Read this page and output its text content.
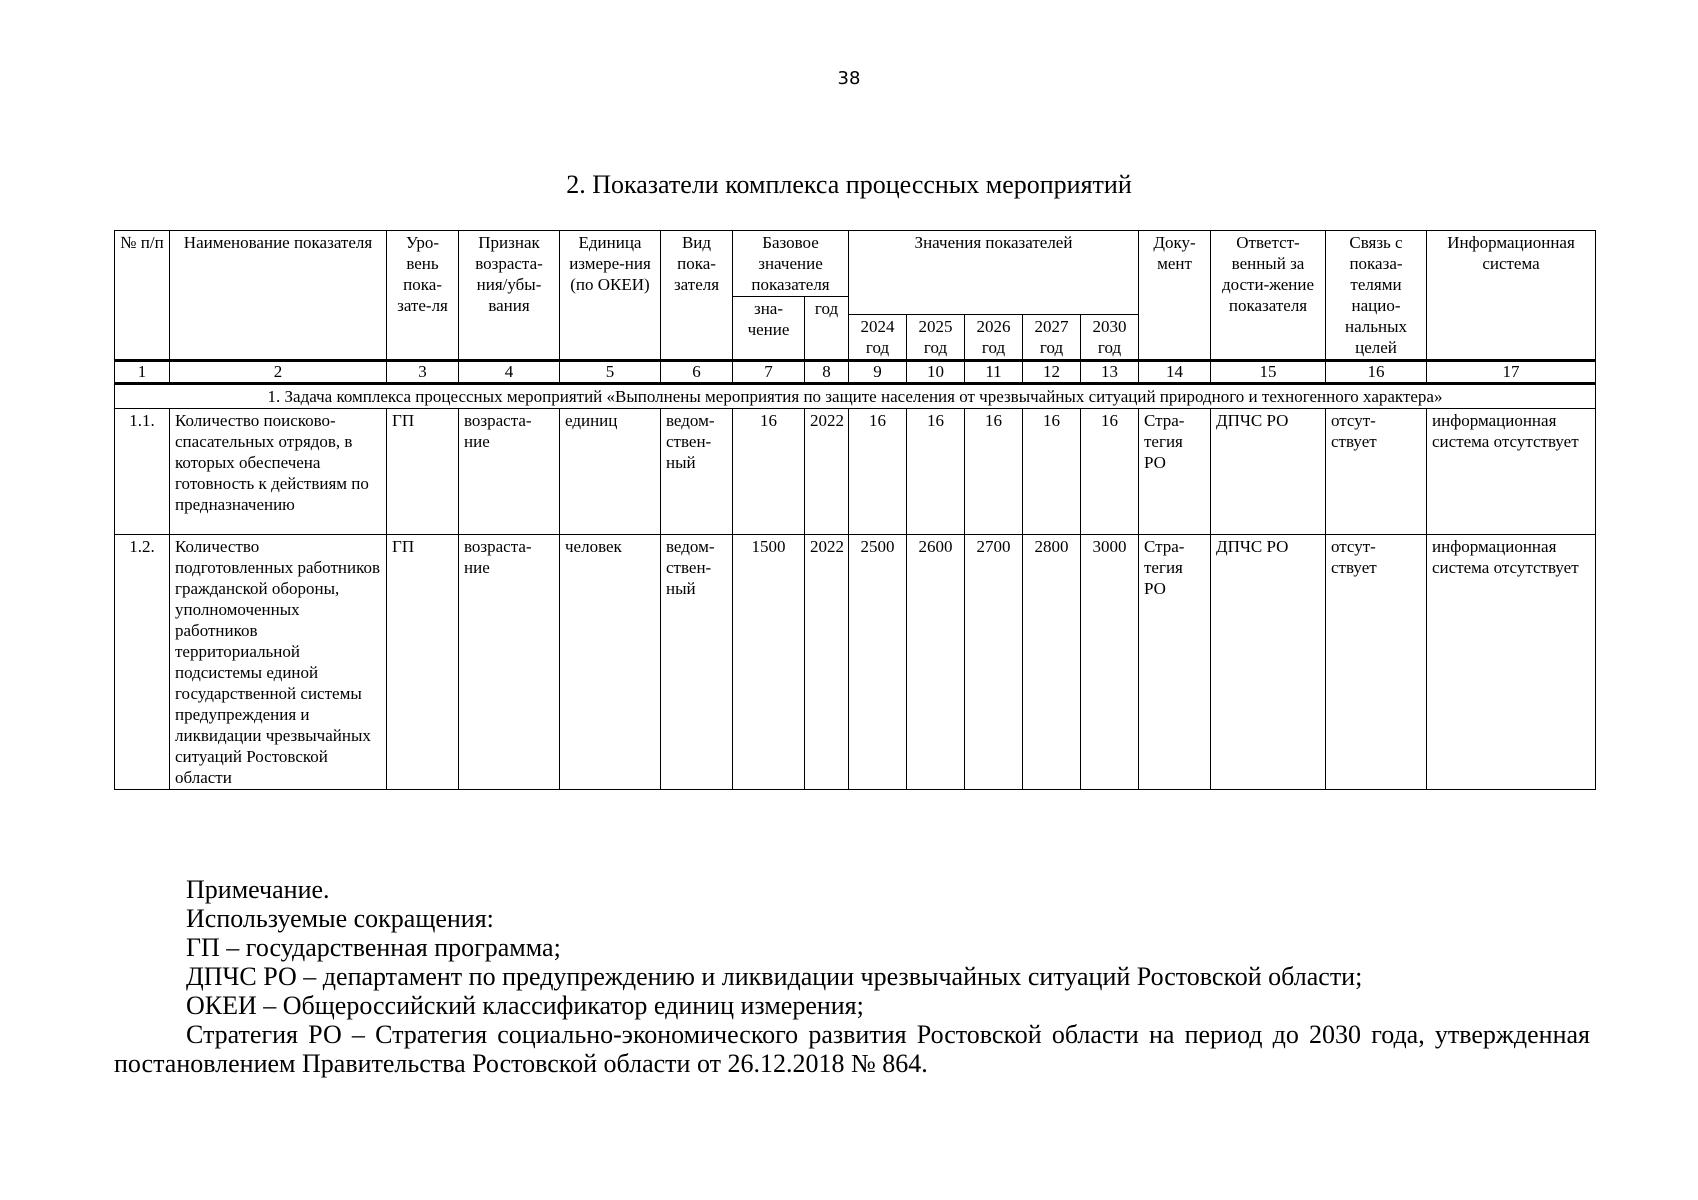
38
2. Показатели комплекса процессных мероприятий
№ п/п	Наименование показателя	Уро-вень пока-зате-ля	Признак возраста-ния/убы-вания	Единица измере-ния (по ОКЕИ)	Вид пока-зателя	Базовое значение показателя		Значения показателей					Доку-мент	Ответст-венный за дости-жение показателя	Связь с показа-телями нацио-нальных целей	Информационная система
						зна-чение	год									
								2024 год	2025 год	2026 год	2027 год	2030 год				
1	2	3	4	5	6	7	8	9	10	11	12	13	14	15	16	17
1. Задача комплекса процессных мероприятий «Выполнены мероприятия по защите населения от чрезвычайных ситуаций природного и техногенного характера»																
1.1.	Количество поисково-спасательных отрядов, в которых обеспечена готовность к действиям по предназначению	ГП	возраста-ние	единиц	ведом-ствен-ный	16	2022	16	16	16	16	16	Стра-тегия РО	ДПЧС РО	отсут-ствует	информационная система отсутствует
1.2.	Количество подготовленных работников гражданской обороны, уполномоченных работников территориальной подсистемы единой государственной системы предупреждения и ликвидации чрезвычайных ситуаций Ростовской области	ГП	возраста-ние	человек	ведом-ствен-ный	1500	2022	2500	2600	2700	2800	3000	Стра-тегия РО	ДПЧС РО	отсут-ствует	информационная система отсутствует

Примечание.

Используемые сокращения:

ГП – государственная программа;

ДПЧС РО – департамент по предупреждению и ликвидации чрезвычайных ситуаций Ростовской области;

ОКЕИ – Общероссийский классификатор единиц измерения;

Стратегия РО – Стратегия социально-экономического развития Ростовской области на период до 2030 года, утвержденная постановлением Правительства Ростовской области от 26.12.2018 № 864.
